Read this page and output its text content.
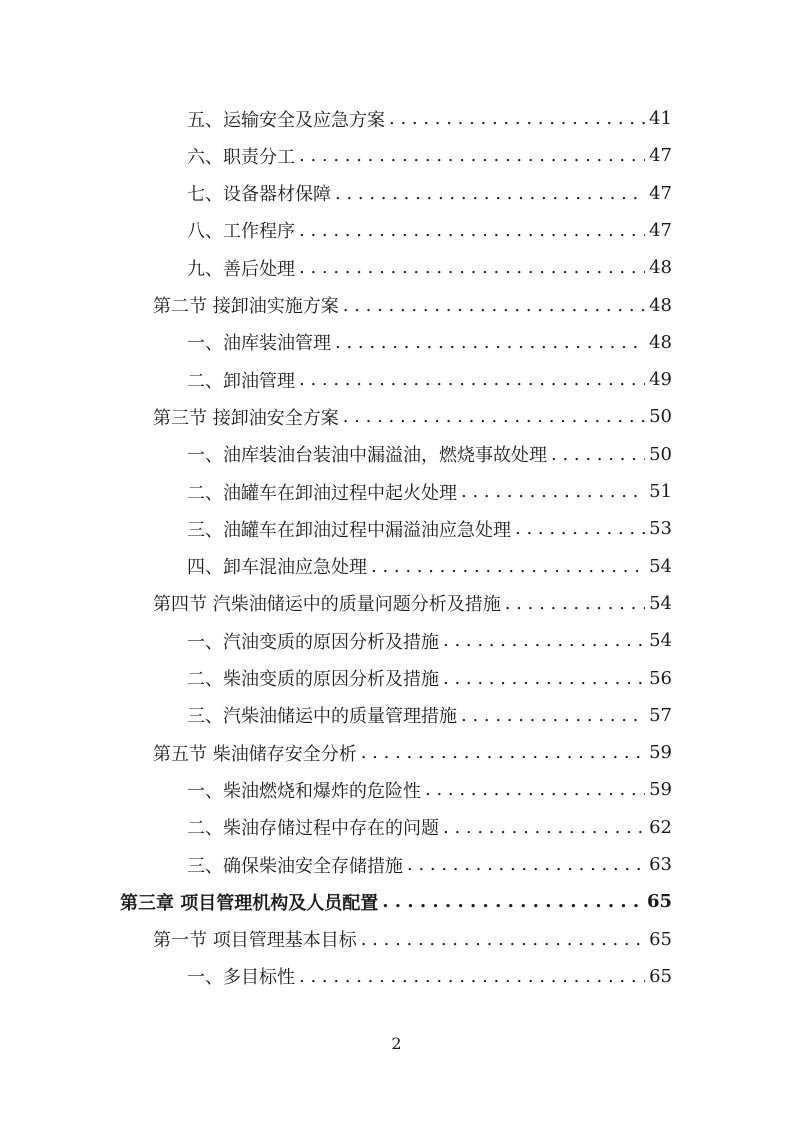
五、运输安全及应急方案 . . .	41
六、职责分工 . . .	47
七、设备器材保障 . . .	47
八、工作程序 . . .	47
九、善后处理 . . .	48
第二节 接卸油实施方案 . . .	48
一、油库装油管理 . . .	48
二、卸油管理 . . .	49
第三节 接卸油安全方案 . . .	50
一、油库装油台装油中漏溢油，燃烧事故处理 . . .	50
二、油罐车在卸油过程中起火处理 . . .	51
三、油罐车在卸油过程中漏溢油应急处理 . . .	53
四、卸车混油应急处理 . . .	54
第四节 汽柴油储运中的质量问题分析及措施 . . .	54
一、汽油变质的原因分析及措施 . . .	54
二、柴油变质的原因分析及措施 . . .	56
三、汽柴油储运中的质量管理措施 . . .	57
第五节 柴油储存安全分析 . . .	59
一、柴油燃烧和爆炸的危险性 . . .	59
二、柴油存储过程中存在的问题 . . .	62
三、确保柴油安全存储措施 . . .	63
第三章 项目管理机构及人员配置 . . .	65
第一节 项目管理基本目标 . . .	65
一、多目标性 . . .	65
2
